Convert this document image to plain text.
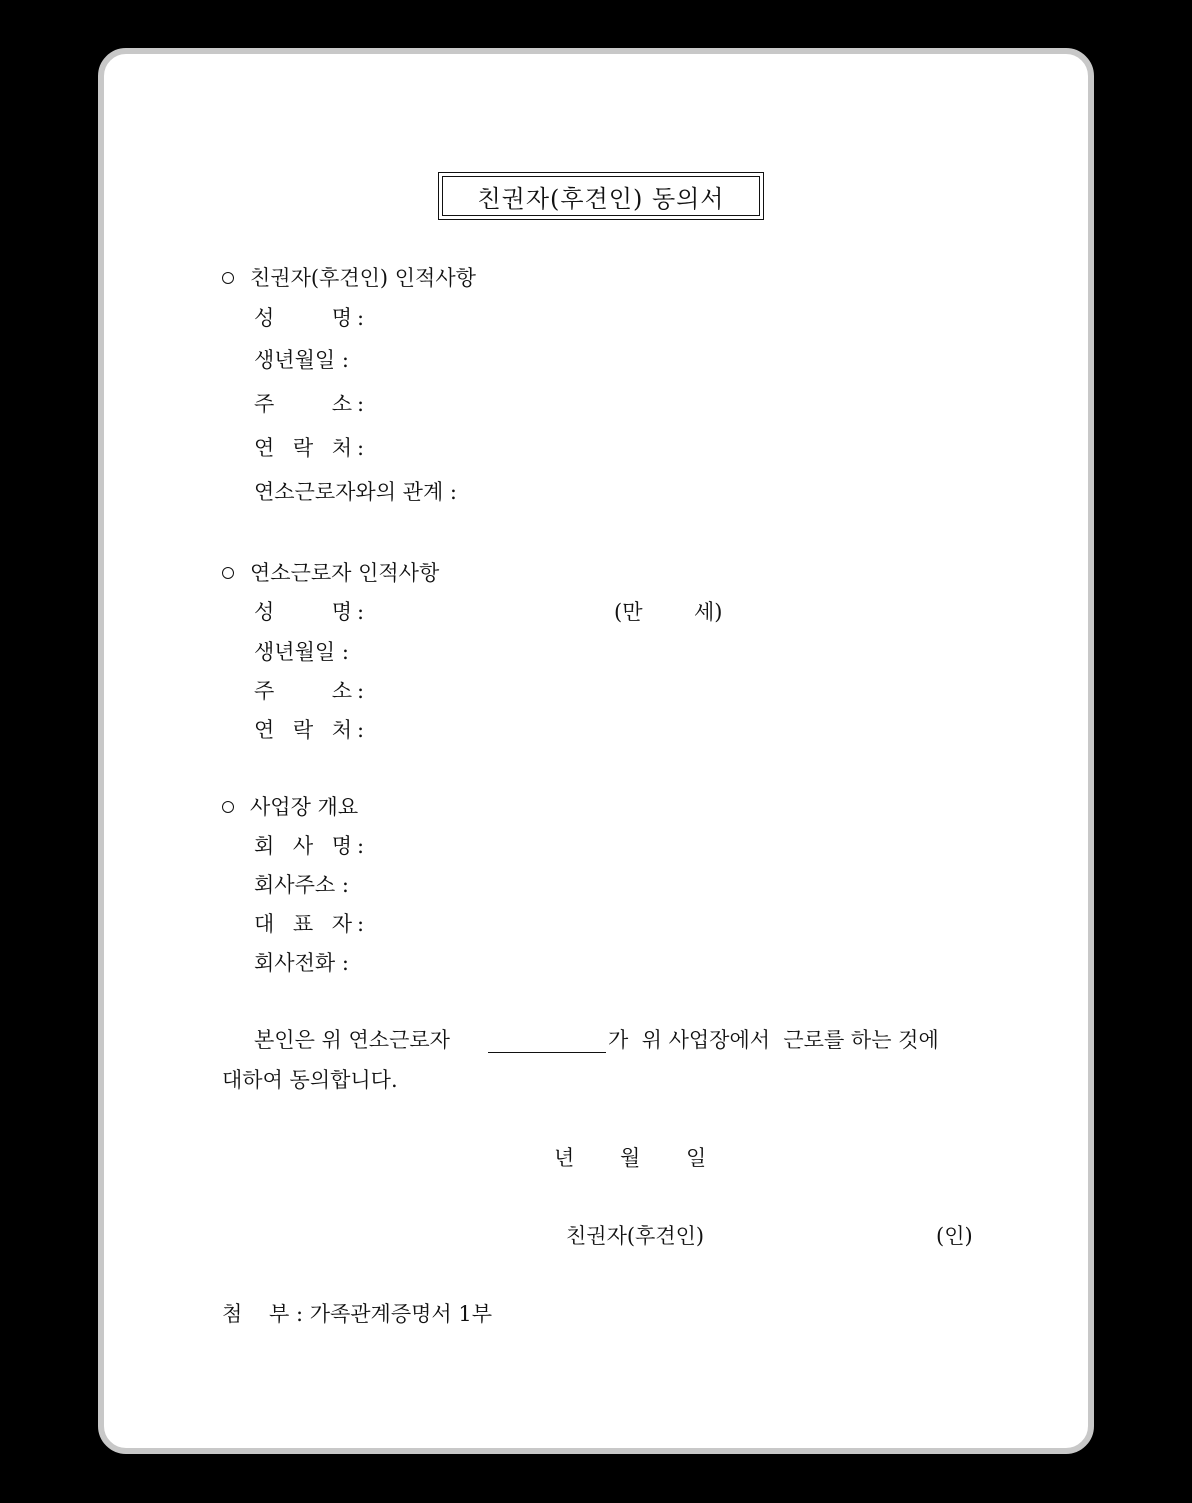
친권자(후견인) 동의서
친권자(후견인) 인적사항
성	명 :
생년월일 :
주	소 :
연 락 처 :
연소근로자와의 관계 :
연소근로자 인적사항
성	명 :	(만 세)
생년월일 :
주	소 :
연 락 처 :
사업장 개요
회 사 명 :
회사주소 :
대 표 자 :
회사전화 :
본인은 위 연소근로자	가  위 사업장에서  근로를 하는 것에
대하여 동의합니다.
년 월 일
친권자(후견인)	(인)
첨    부 : 가족관계증명서 1부
